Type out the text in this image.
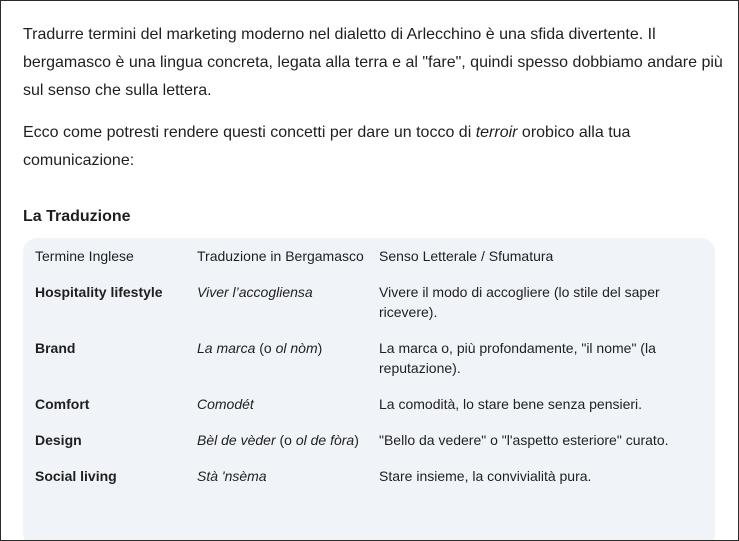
Tradurre termini del marketing moderno nel dialetto di Arlecchino è una sfida divertente. Il bergamasco è una lingua concreta, legata alla terra e al "fare", quindi spesso dobbiamo andare più sul senso che sulla lettera.

Ecco come potresti rendere questi concetti per dare un tocco di terroir orobico alla tua comunicazione:

La Traduzione
Termine Inglese	Traduzione in Bergamasco	Senso Letterale / Sfumatura
Hospitality lifestyle	Viver l’accogliensa	Vivere il modo di accogliere (lo stile del saper ricevere).
Brand	La marca (o ol nòm)	La marca o, più profondamente, "il nome" (la reputazione).
Comfort	Comodét	La comodità, lo stare bene senza pensieri.
Design	Bèl de vèder (o ol de fòra)	"Bello da vedere" o "l'aspetto esteriore" curato.
Social living	Stà 'nsèma	Stare insieme, la convivialità pura.
